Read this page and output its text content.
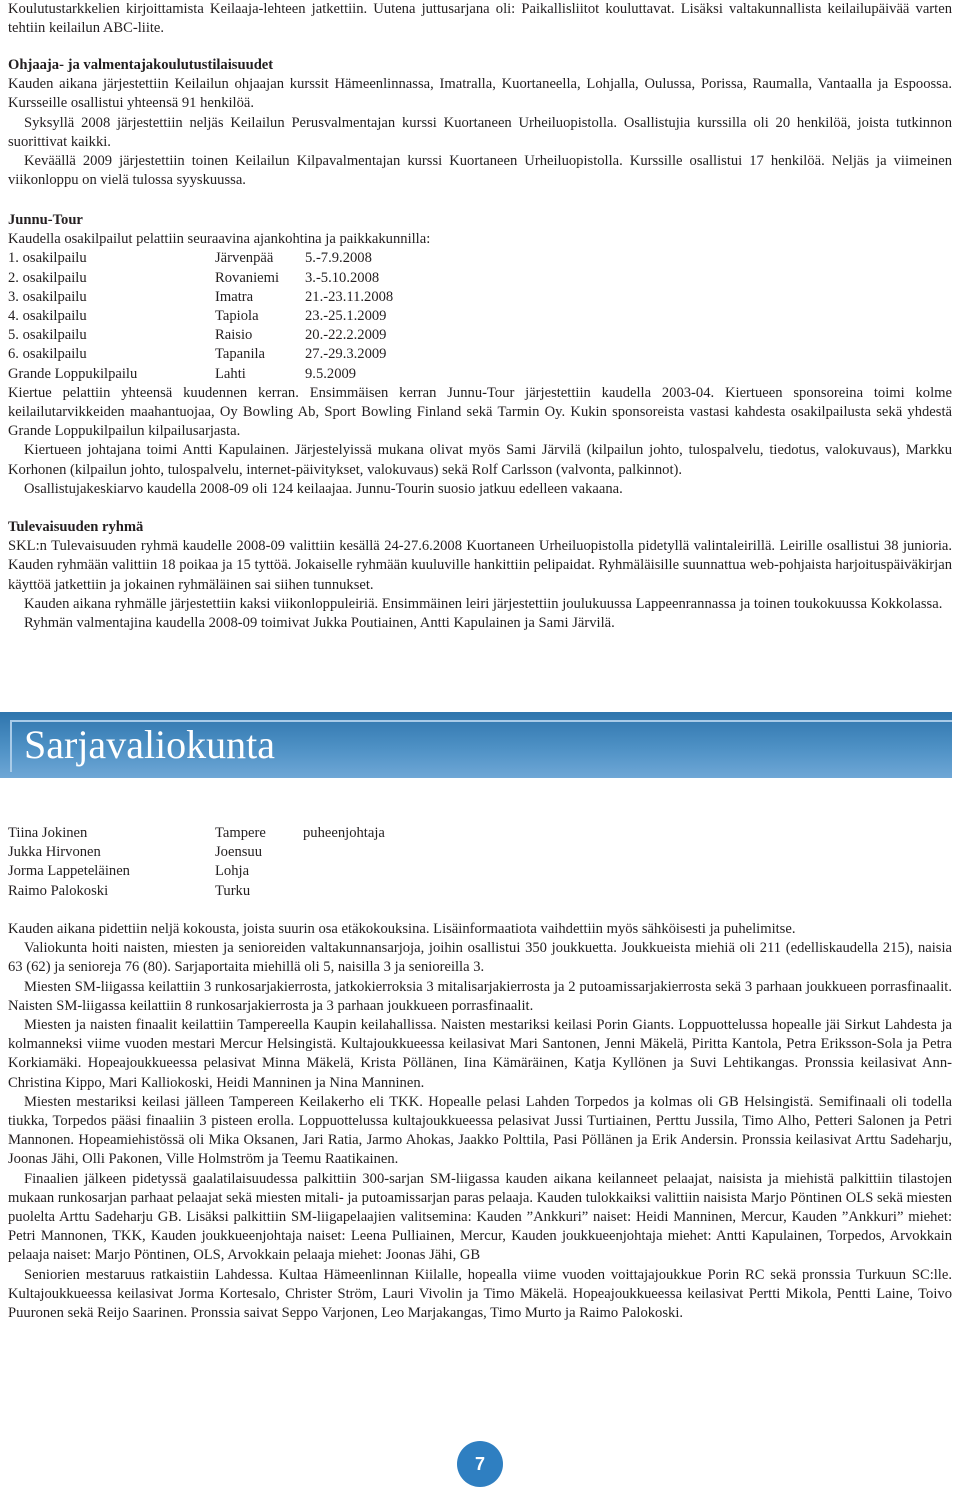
Koulutustarkkelien kirjoittamista Keilaaja-lehteen jatkettiin. Uutena juttusarjana oli: Paikallisliitot kouluttavat. Lisäksi valtakunnallista keilailupäivää varten tehtiin keilailun ABC-liite.

Ohjaaja- ja valmentajakoulutustilaisuudet

Kauden aikana järjestettiin Keilailun ohjaajan kurssit Hämeenlinnassa, Imatralla, Kuortaneella, Lohjalla, Oulussa, Porissa, Raumalla, Vantaalla ja Espoossa. Kursseille osallistui yhteensä 91 henkilöä.

Syksyllä 2008 järjestettiin neljäs Keilailun Perusvalmentajan kurssi Kuortaneen Urheiluopistolla. Osallistujia kurssilla oli 20 henkilöä, joista tutkinnon suorittivat kaikki.

Keväällä 2009 järjestettiin toinen Keilailun Kilpavalmentajan kurssi Kuortaneen Urheiluopistolla. Kurssille osallistui 17 henkilöä. Neljäs ja viimeinen viikonloppu on vielä tulossa syyskuussa.

Junnu-Tour

Kaudella osakilpailut pelattiin seuraavina ajankohtina ja paikkakunnilla:

1. osakilpailu	Järvenpää	5.-7.9.2008
2. osakilpailu	Rovaniemi	3.-5.10.2008
3. osakilpailu	Imatra	21.-23.11.2008
4. osakilpailu	Tapiola	23.-25.1.2009
5. osakilpailu	Raisio	20.-22.2.2009
6. osakilpailu	Tapanila	27.-29.3.2009
Grande Loppukilpailu	Lahti	9.5.2009

Kiertue pelattiin yhteensä kuudennen kerran. Ensimmäisen kerran Junnu-Tour järjestettiin kaudella 2003-04. Kiertueen sponsoreina toimi kolme keilailutarvikkeiden maahantuojaa, Oy Bowling Ab, Sport Bowling Finland sekä Tarmin Oy. Kukin sponsoreista vastasi kahdesta osakilpailusta sekä yhdestä Grande Loppukilpailun kilpailusarjasta.

Kiertueen johtajana toimi Antti Kapulainen. Järjestelyissä mukana olivat myös Sami Järvilä (kilpailun johto, tulospalvelu, tiedotus, valokuvaus), Markku Korhonen (kilpailun johto, tulospalvelu, internet-päivitykset, valokuvaus) sekä Rolf Carlsson (valvonta, palkinnot).

Osallistujakeskiarvo kaudella 2008-09 oli 124 keilaajaa. Junnu-Tourin suosio jatkuu edelleen vakaana.

Tulevaisuuden ryhmä

SKL:n Tulevaisuuden ryhmä kaudelle 2008-09 valittiin kesällä 24-27.6.2008 Kuortaneen Urheiluopistolla pidetyllä valintaleirillä. Leirille osallistui 38 junioria. Kauden ryhmään valittiin 18 poikaa ja 15 tyttöä. Jokaiselle ryhmään kuuluville hankittiin pelipaidat. Ryhmäläisille suunnattua web-pohjaista harjoituspäiväkirjan käyttöä jatkettiin ja jokainen ryhmäläinen sai siihen tunnukset.

Kauden aikana ryhmälle järjestettiin kaksi viikonloppuleiriä. Ensimmäinen leiri järjestettiin joulukuussa Lappeenrannassa ja toinen toukokuussa Kokkolassa.

Ryhmän valmentajina kaudella 2008-09 toimivat Jukka Poutiainen, Antti Kapulainen ja Sami Järvilä.

Tiina Jokinen	Tampere	puheenjohtaja
Jukka Hirvonen	Joensuu	
Jorma Lappeteläinen	Lohja	
Raimo Palokoski	Turku	

Kauden aikana pidettiin neljä kokousta, joista suurin osa etäkokouksina. Lisäinformaatiota vaihdettiin myös sähköisesti ja puhelimitse.

Valiokunta hoiti naisten, miesten ja senioreiden valtakunnansarjoja, joihin osallistui 350 joukkuetta. Joukkueista miehiä oli 211 (edelliskaudella 215), naisia 63 (62) ja senioreja 76 (80). Sarjaportaita miehillä oli 5, naisilla 3 ja senioreilla 3.

Miesten SM-liigassa keilattiin 3 runkosarjakierrosta, jatkokierroksia 3 mitalisarjakierrosta ja 2 putoamissarjakierrosta sekä 3 parhaan joukkueen porrasfinaalit. Naisten SM-liigassa keilattiin 8 runkosarjakierrosta ja 3 parhaan joukkueen porrasfinaalit.

Miesten ja naisten finaalit keilattiin Tampereella Kaupin keilahallissa. Naisten mestariksi keilasi Porin Giants. Loppuottelussa hopealle jäi Sirkut Lahdesta ja kolmanneksi viime vuoden mestari Mercur Helsingistä. Kultajoukkueessa keilasivat Mari Santonen, Jenni Mäkelä, Piritta Kantola, Petra Eriksson-Sola ja Petra Korkiamäki. Hopeajoukkueessa pelasivat Minna Mäkelä, Krista Pöllänen, Iina Kämäräinen, Katja Kyllönen ja Suvi Lehtikangas. Pronssia keilasivat Ann-Christina Kippo, Mari Kalliokoski, Heidi Manninen ja Nina Manninen.

Miesten mestariksi keilasi jälleen Tampereen Keilakerho eli TKK. Hopealle pelasi Lahden Torpedos ja kolmas oli GB Helsingistä. Semifinaali oli todella tiukka, Torpedos pääsi finaaliin 3 pisteen erolla. Loppuottelussa kultajoukkueessa pelasivat Jussi Turtiainen, Perttu Jussila, Timo Alho, Petteri Salonen ja Petri Mannonen. Hopeamiehistössä oli Mika Oksanen, Jari Ratia, Jarmo Ahokas, Jaakko Polttila, Pasi Pöllänen ja Erik Andersin. Pronssia keilasivat Arttu Sadeharju, Joonas Jähi, Olli Pakonen, Ville Holmström ja Teemu Raatikainen.

Finaalien jälkeen pidetyssä gaalatilaisuudessa palkittiin 300-sarjan SM-liigassa kauden aikana keilanneet pelaajat, naisista ja miehistä palkittiin tilastojen mukaan runkosarjan parhaat pelaajat sekä miesten mitali- ja putoamissarjan paras pelaaja. Kauden tulokkaiksi valittiin naisista Marjo Pöntinen OLS sekä miesten puolelta Arttu Sadeharju GB. Lisäksi palkittiin SM-liigapelaajien valitsemina: Kauden ”Ankkuri” naiset: Heidi Manninen, Mercur, Kauden ”Ankkuri” miehet: Petri Mannonen, TKK, Kauden joukkueenjohtaja naiset: Leena Pulliainen, Mercur, Kauden joukkueenjohtaja miehet: Antti Kapulainen, Torpedos, Arvokkain pelaaja naiset: Marjo Pöntinen, OLS, Arvokkain pelaaja miehet: Joonas Jähi, GB

Seniorien mestaruus ratkaistiin Lahdessa. Kultaa Hämeenlinnan Kiilalle, hopealla viime vuoden voittajajoukkue Porin RC sekä pronssia Turkuun SC:lle. Kultajoukkueessa keilasivat Jorma Kortesalo, Christer Ström, Lauri Vivolin ja Timo Mäkelä. Hopeajoukkueessa keilasivat Pertti Mikola, Pentti Laine, Toivo Puuronen sekä Reijo Saarinen. Pronssia saivat Seppo Varjonen, Leo Marjakangas, Timo Murto ja Raimo Palokoski.

Sarjavaliokunta
7
